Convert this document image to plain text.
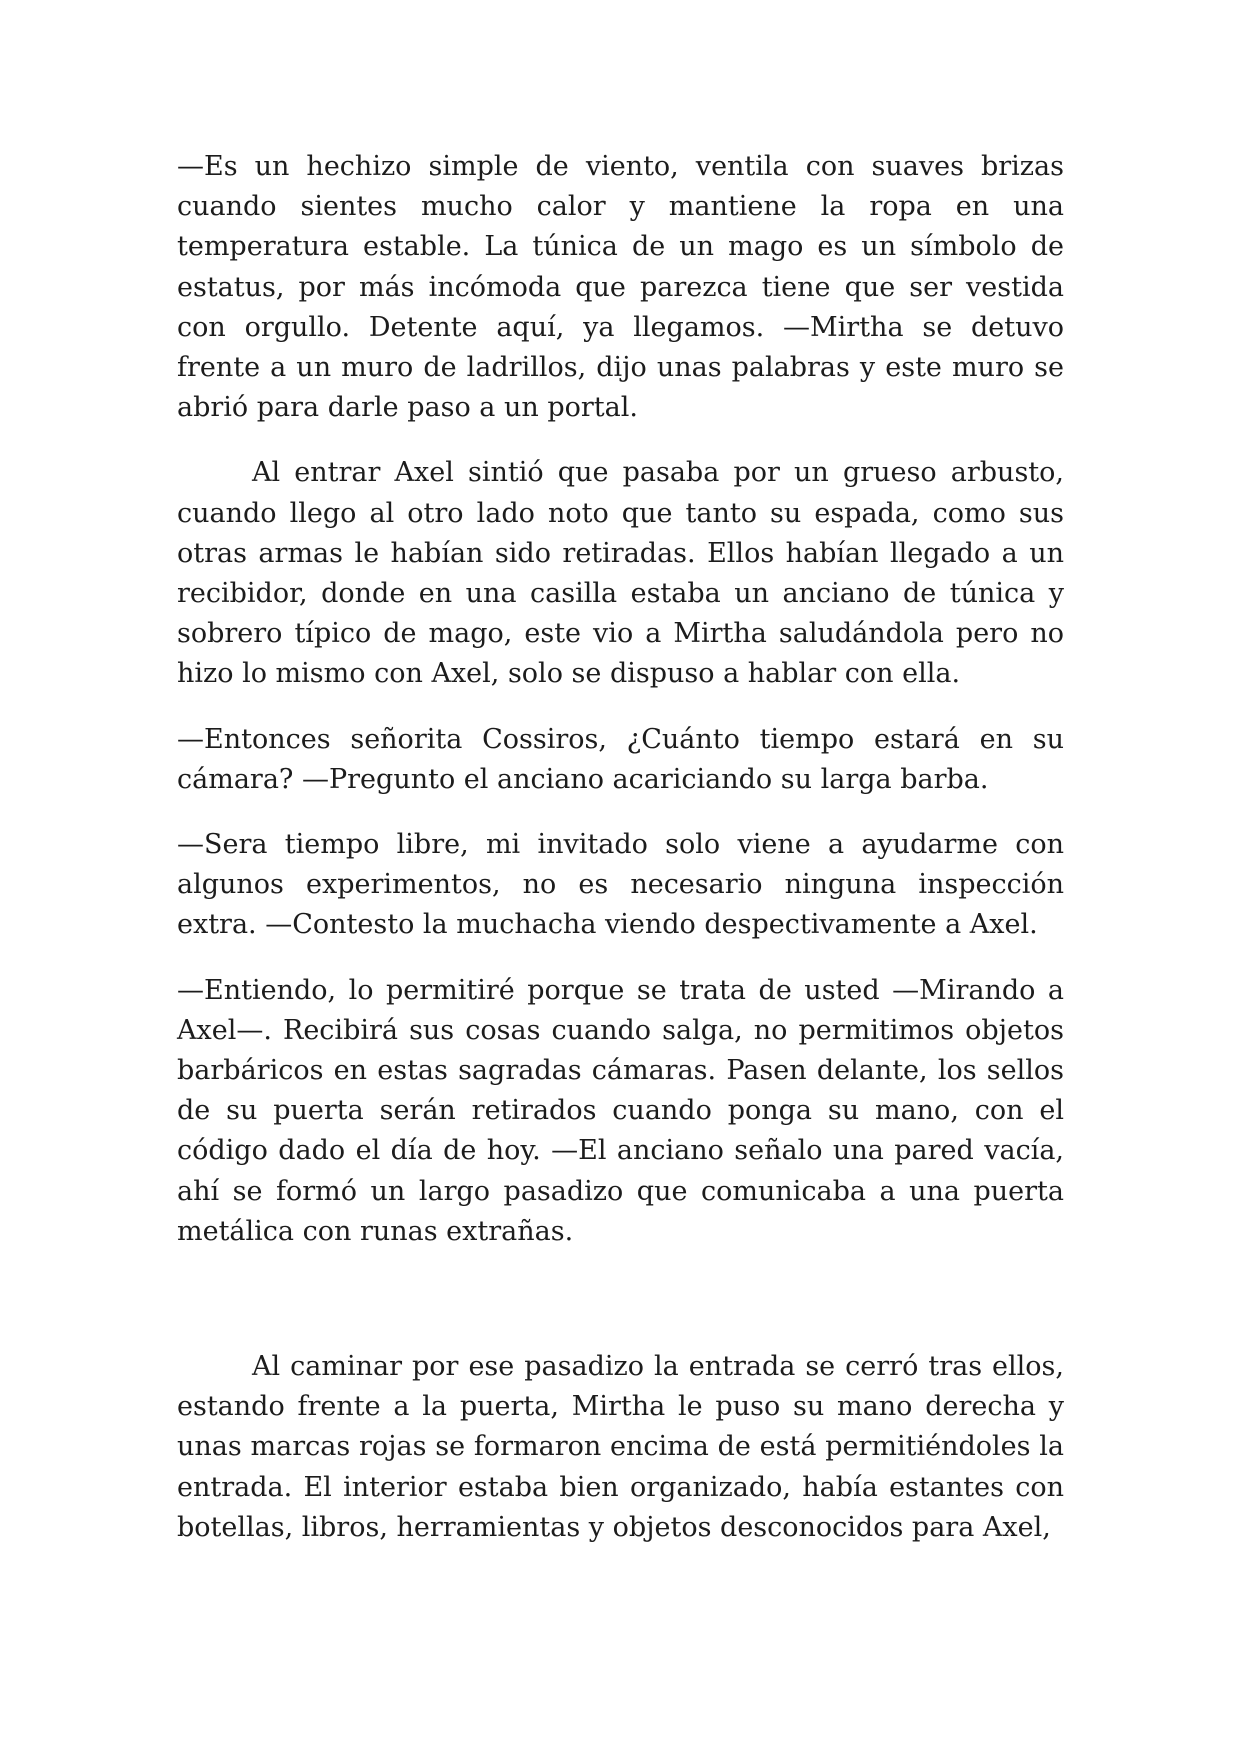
—Es un hechizo simple de viento, ventila con suaves brizas cuando sientes mucho calor y mantiene la ropa en una temperatura estable. La túnica de un mago es un símbolo de estatus, por más incómoda que parezca tiene que ser vestida con orgullo. Detente aquí, ya llegamos. —Mirtha se detuvo frente a un muro de ladrillos, dijo unas palabras y este muro se abrió para darle paso a un portal.

Al entrar Axel sintió que pasaba por un grueso arbusto, cuando llego al otro lado noto que tanto su espada, como sus otras armas le habían sido retiradas. Ellos habían llegado a un recibidor, donde en una casilla estaba un anciano de túnica y sobrero típico de mago, este vio a Mirtha saludándola pero no hizo lo mismo con Axel, solo se dispuso a hablar con ella.

—Entonces señorita Cossiros, ¿Cuánto tiempo estará en su cámara? —Pregunto el anciano acariciando su larga barba.

—Sera tiempo libre, mi invitado solo viene a ayudarme con algunos experimentos, no es necesario ninguna inspección extra. —Contesto la muchacha viendo despectivamente a Axel.

—Entiendo, lo permitiré porque se trata de usted —Mirando a Axel—. Recibirá sus cosas cuando salga, no permitimos objetos barbáricos en estas sagradas cámaras. Pasen delante, los sellos de su puerta serán retirados cuando ponga su mano, con el código dado el día de hoy. —El anciano señalo una pared vacía, ahí se formó un largo pasadizo que comunicaba a una puerta metálica con runas extrañas.

Al caminar por ese pasadizo la entrada se cerró tras ellos, estando frente a la puerta, Mirtha le puso su mano derecha y unas marcas rojas se formaron encima de está permitiéndoles la entrada. El interior estaba bien organizado, había estantes con botellas, libros, herramientas y objetos desconocidos para Axel,
